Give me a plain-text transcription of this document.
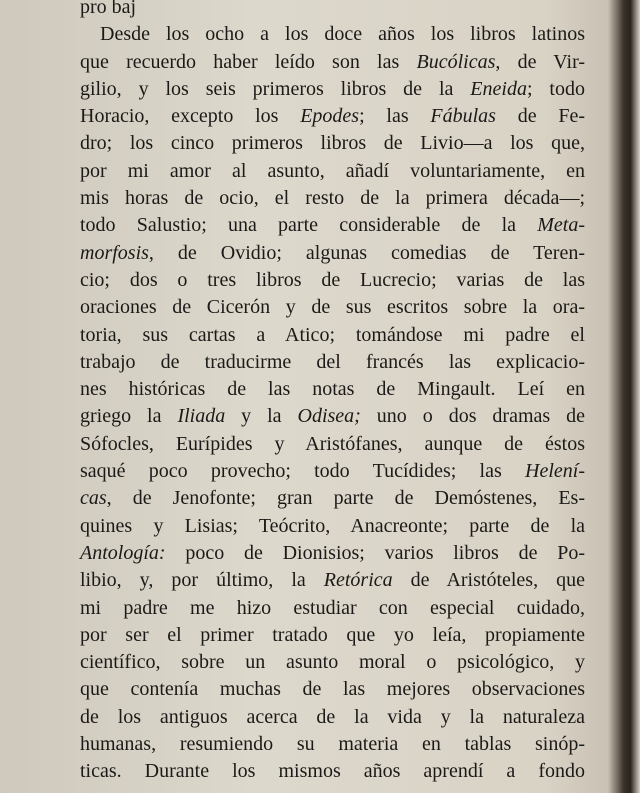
pro baj
Desde los ocho a los doce años los libros latinos
que recuerdo haber leído son las Bucólicas, de Vir-
gilio, y los seis primeros libros de la Eneida; todo
Horacio, excepto los Epodes; las Fábulas de Fe-
dro; los cinco primeros libros de Livio—a los que,
por mi amor al asunto, añadí voluntariamente, en
mis horas de ocio, el resto de la primera década—;
todo Salustio; una parte considerable de la Meta-
morfosis, de Ovidio; algunas comedias de Teren-
cio; dos o tres libros de Lucrecio; varias de las
oraciones de Cicerón y de sus escritos sobre la ora-
toria, sus cartas a Atico; tomándose mi padre el
trabajo de traducirme del francés las explicacio-
nes históricas de las notas de Mingault. Leí en
griego la Iliada y la Odisea; uno o dos dramas de
Sófocles, Eurípides y Aristófanes, aunque de éstos
saqué poco provecho; todo Tucídides; las Helení-
cas, de Jenofonte; gran parte de Demóstenes, Es-
quines y Lisias; Teócrito, Anacreonte; parte de la
Antología: poco de Dionisios; varios libros de Po-
libio, y, por último, la Retórica de Aristóteles, que
mi padre me hizo estudiar con especial cuidado,
por ser el primer tratado que yo leía, propiamente
científico, sobre un asunto moral o psicológico, y
que contenía muchas de las mejores observaciones
de los antiguos acerca de la vida y la naturaleza
humanas, resumiendo su materia en tablas sinóp-
ticas. Durante los mismos años aprendí a fondo
